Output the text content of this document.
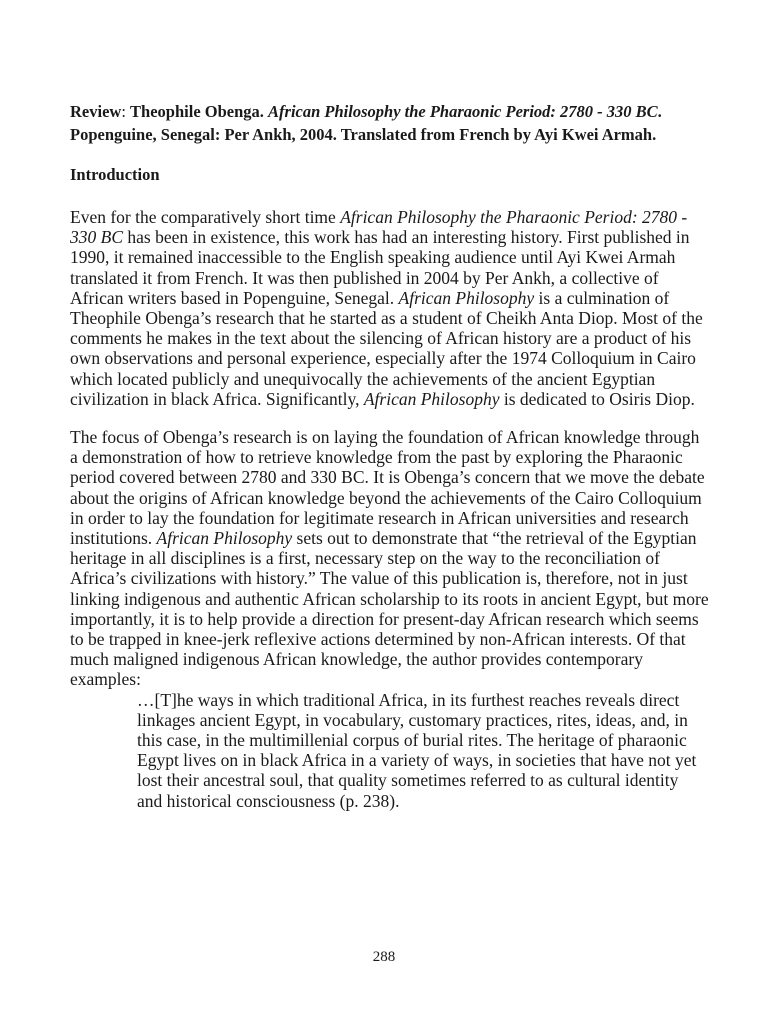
Review: Theophile Obenga. African Philosophy the Pharaonic Period: 2780 - 330 BC. Popenguine, Senegal: Per Ankh, 2004. Translated from French by Ayi Kwei Armah.

Introduction

Even for the comparatively short time African Philosophy the Pharaonic Period: 2780 - 330 BC has been in existence, this work has had an interesting history. First published in 1990, it remained inaccessible to the English speaking audience until Ayi Kwei Armah translated it from French. It was then published in 2004 by Per Ankh, a collective of African writers based in Popenguine, Senegal. African Philosophy is a culmination of Theophile Obenga’s research that he started as a student of Cheikh Anta Diop. Most of the comments he makes in the text about the silencing of African history are a product of his own observations and personal experience, especially after the 1974 Colloquium in Cairo which located publicly and unequivocally the achievements of the ancient Egyptian civilization in black Africa. Significantly, African Philosophy is dedicated to Osiris Diop.

The focus of Obenga’s research is on laying the foundation of African knowledge through a demonstration of how to retrieve knowledge from the past by exploring the Pharaonic period covered between 2780 and 330 BC. It is Obenga’s concern that we move the debate about the origins of African knowledge beyond the achievements of the Cairo Colloquium in order to lay the foundation for legitimate research in African universities and research institutions. African Philosophy sets out to demonstrate that “the retrieval of the Egyptian heritage in all disciplines is a first, necessary step on the way to the reconciliation of Africa’s civilizations with history.” The value of this publication is, therefore, not in just linking indigenous and authentic African scholarship to its roots in ancient Egypt, but more importantly, it is to help provide a direction for present-day African research which seems to be trapped in knee-jerk reflexive actions determined by non-African interests. Of that much maligned indigenous African knowledge, the author provides contemporary examples:

…[T]he ways in which traditional Africa, in its furthest reaches reveals direct linkages ancient Egypt, in vocabulary, customary practices, rites, ideas, and, in this case, in the multimillenial corpus of burial rites. The heritage of pharaonic Egypt lives on in black Africa in a variety of ways, in societies that have not yet lost their ancestral soul, that quality sometimes referred to as cultural identity and historical consciousness (p. 238).

288
